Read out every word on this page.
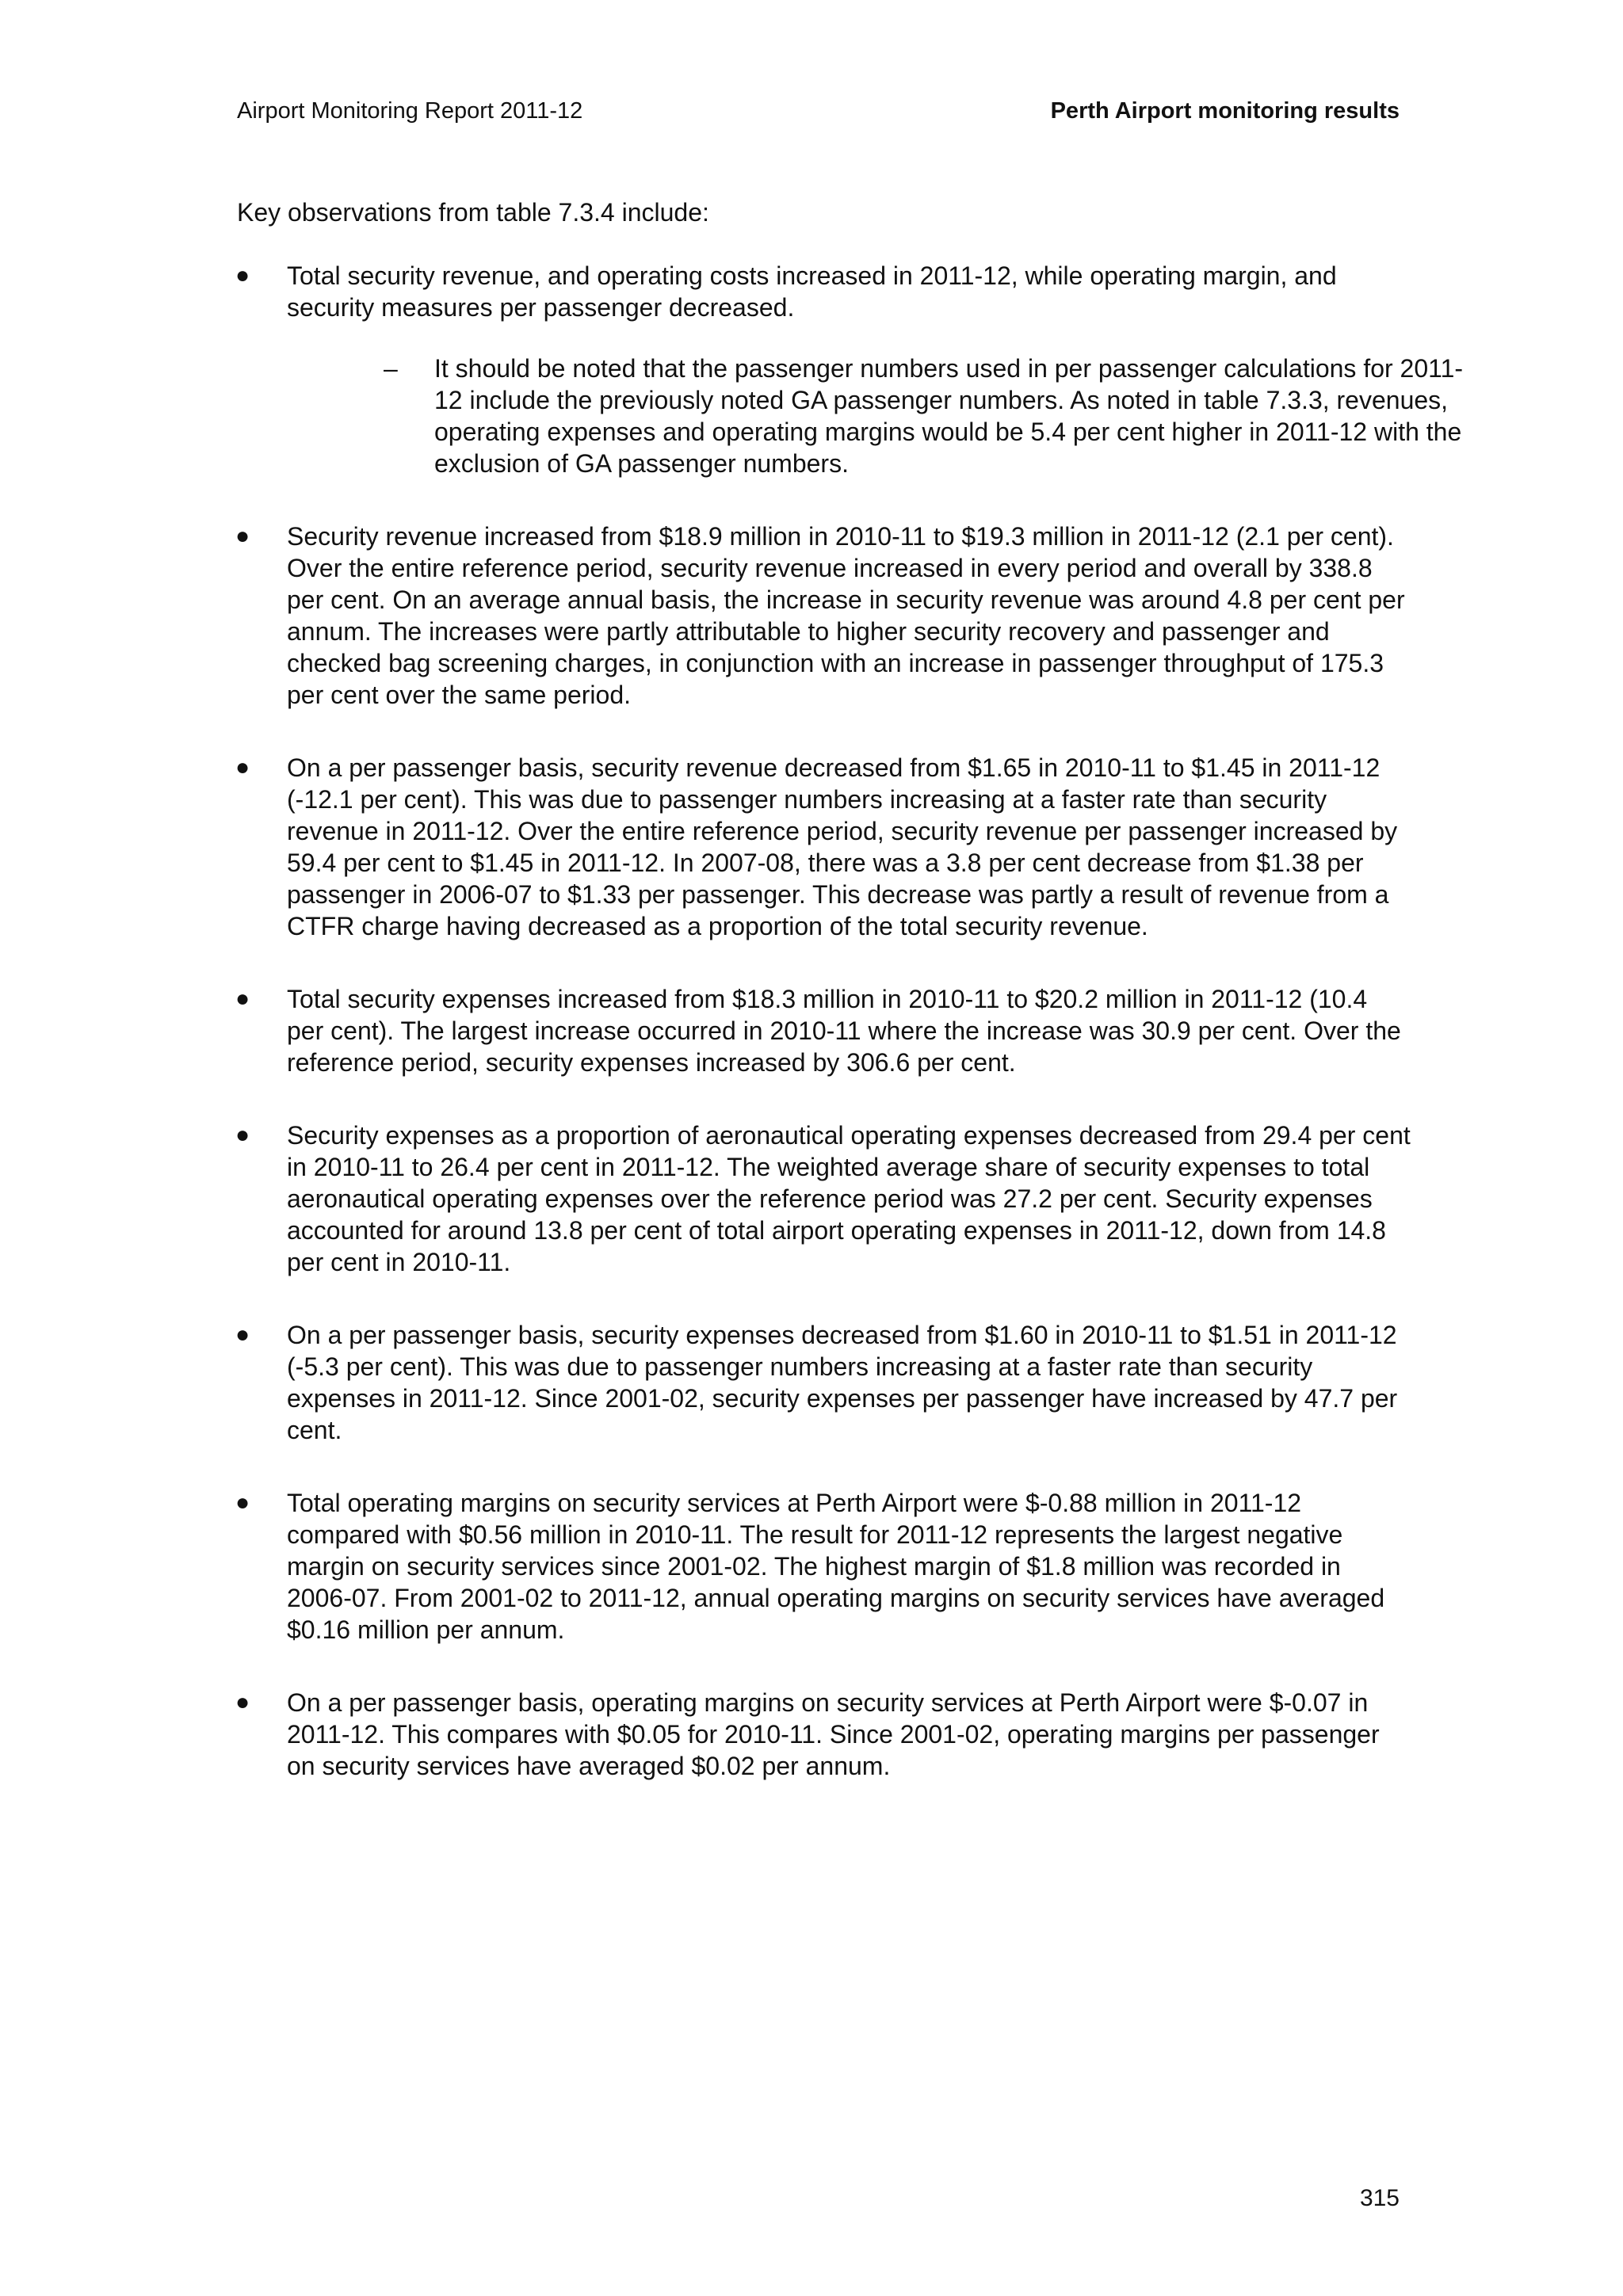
Airport Monitoring Report 2011-12	Perth Airport monitoring results

Key observations from table 7.3.4 include:

● Total security revenue, and operating costs increased in 2011-12, while operating margin, and security measures per passenger decreased.
– It should be noted that the passenger numbers used in per passenger calculations for 2011-12 include the previously noted GA passenger numbers. As noted in table 7.3.3, revenues, operating expenses and operating margins would be 5.4 per cent higher in 2011-12 with the exclusion of GA passenger numbers.
● Security revenue increased from $18.9 million in 2010-11 to $19.3 million in 2011-12 (2.1 per cent). Over the entire reference period, security revenue increased in every period and overall by 338.8 per cent. On an average annual basis, the increase in security revenue was around 4.8 per cent per annum. The increases were partly attributable to higher security recovery and passenger and checked bag screening charges, in conjunction with an increase in passenger throughput of 175.3 per cent over the same period.
● On a per passenger basis, security revenue decreased from $1.65 in 2010-11 to $1.45 in 2011-12 (-12.1 per cent). This was due to passenger numbers increasing at a faster rate than security revenue in 2011-12. Over the entire reference period, security revenue per passenger increased by 59.4 per cent to $1.45 in 2011-12. In 2007-08, there was a 3.8 per cent decrease from $1.38 per passenger in 2006-07 to $1.33 per passenger. This decrease was partly a result of revenue from a CTFR charge having decreased as a proportion of the total security revenue.
● Total security expenses increased from $18.3 million in 2010-11 to $20.2 million in 2011-12 (10.4 per cent). The largest increase occurred in 2010-11 where the increase was 30.9 per cent. Over the reference period, security expenses increased by 306.6 per cent.
● Security expenses as a proportion of aeronautical operating expenses decreased from 29.4 per cent in 2010-11 to 26.4 per cent in 2011-12. The weighted average share of security expenses to total aeronautical operating expenses over the reference period was 27.2 per cent. Security expenses accounted for around 13.8 per cent of total airport operating expenses in 2011-12, down from 14.8 per cent in 2010-11.
● On a per passenger basis, security expenses decreased from $1.60 in 2010-11 to $1.51 in 2011-12 (-5.3 per cent). This was due to passenger numbers increasing at a faster rate than security expenses in 2011-12. Since 2001-02, security expenses per passenger have increased by 47.7 per cent.
● Total operating margins on security services at Perth Airport were $-0.88 million in 2011-12 compared with $0.56 million in 2010-11. The result for 2011-12 represents the largest negative margin on security services since 2001-02. The highest margin of $1.8 million was recorded in 2006-07. From 2001-02 to 2011-12, annual operating margins on security services have averaged $0.16 million per annum.
● On a per passenger basis, operating margins on security services at Perth Airport were $-0.07 in 2011-12. This compares with $0.05 for 2010-11. Since 2001-02, operating margins per passenger on security services have averaged $0.02 per annum.
315
